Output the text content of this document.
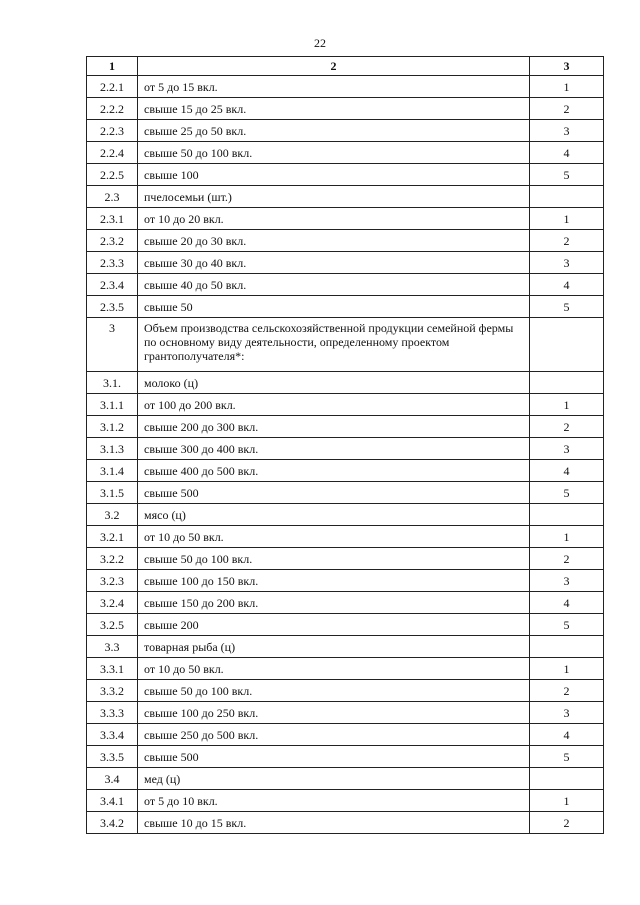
22
1	2	3
2.2.1	от 5 до 15 вкл.	1
2.2.2	свыше 15 до 25 вкл.	2
2.2.3	свыше 25 до 50 вкл.	3
2.2.4	свыше 50 до 100 вкл.	4
2.2.5	свыше 100	5
2.3	пчелосемьи (шт.)	
2.3.1	от 10 до 20 вкл.	1
2.3.2	свыше 20 до 30 вкл.	2
2.3.3	свыше 30 до 40 вкл.	3
2.3.4	свыше 40 до 50 вкл.	4
2.3.5	свыше 50	5
3	Объем производства сельскохозяйственной продукции семейной фермы по основному виду деятельности, определенному проектом грантополучателя*:	
3.1.	молоко (ц)	
3.1.1	от 100 до 200 вкл.	1
3.1.2	свыше 200 до 300 вкл.	2
3.1.3	свыше 300 до 400 вкл.	3
3.1.4	свыше 400 до 500 вкл.	4
3.1.5	свыше 500	5
3.2	мясо (ц)	
3.2.1	от 10 до 50 вкл.	1
3.2.2	свыше 50 до 100 вкл.	2
3.2.3	свыше 100 до 150 вкл.	3
3.2.4	свыше 150 до 200 вкл.	4
3.2.5	свыше 200	5
3.3	товарная рыба (ц)	
3.3.1	от 10 до 50 вкл.	1
3.3.2	свыше 50 до 100 вкл.	2
3.3.3	свыше 100 до 250 вкл.	3
3.3.4	свыше 250 до 500 вкл.	4
3.3.5	свыше 500	5
3.4	мед (ц)	
3.4.1	от 5 до 10 вкл.	1
3.4.2	свыше 10 до 15 вкл.	2
